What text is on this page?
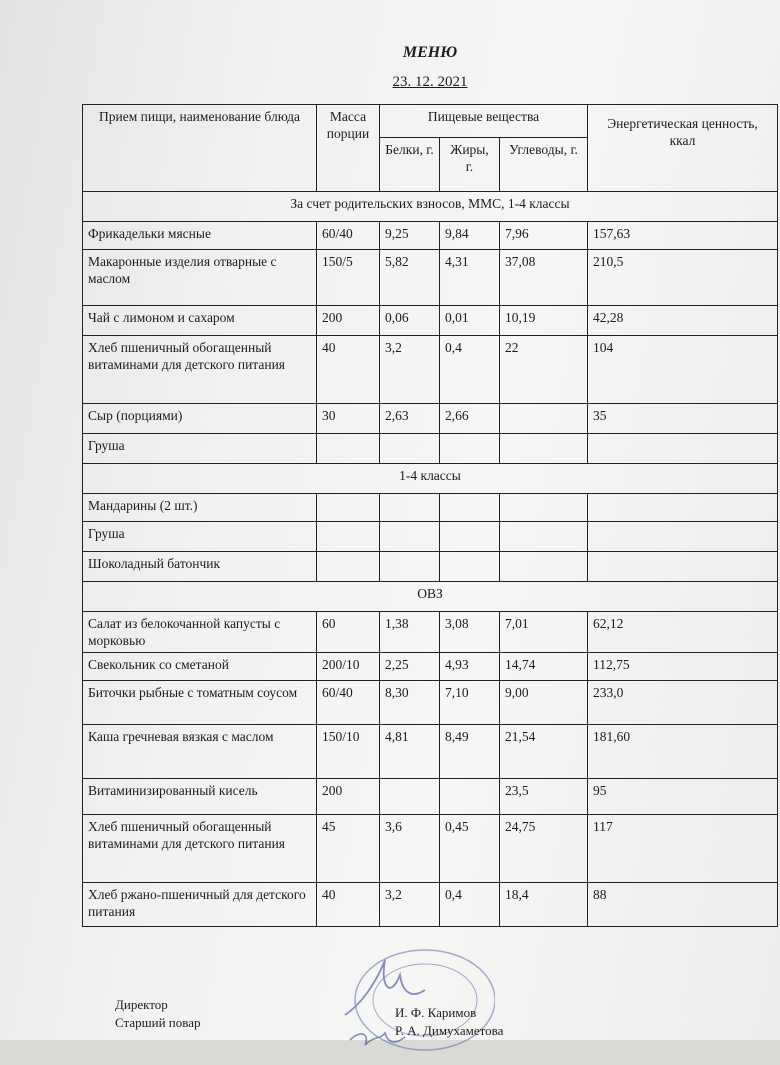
МЕНЮ
23. 12. 2021
Прием пищи, наименование блюда	Масса порции	Пищевые вещества			Энергетическая ценность, ккал
		Белки, г.	Жиры, г.	Углеводы, г.	
За счет родительских взносов, ММС, 1-4 классы					
Фрикадельки мясные	60/40	9,25	9,84	7,96	157,63
Макаронные изделия отварные с маслом	150/5	5,82	4,31	37,08	210,5
Чай с лимоном и сахаром	200	0,06	0,01	10,19	42,28
Хлеб пшеничный обогащенный витаминами для детского питания	40	3,2	0,4	22	104
Сыр (порциями)	30	2,63	2,66		35
Груша					
1-4 классы					
Мандарины (2 шт.)					
Груша					
Шоколадный батончик					
ОВЗ					
Салат из белокочанной капусты с морковью	60	1,38	3,08	7,01	62,12
Свекольник со сметаной	200/10	2,25	4,93	14,74	112,75
Биточки рыбные с томатным соусом	60/40	8,30	7,10	9,00	233,0
Каша гречневая вязкая с маслом	150/10	4,81	8,49	21,54	181,60
Витаминизированный кисель	200			23,5	95
Хлеб пшеничный обогащенный витаминами для детского питания	45	3,6	0,45	24,75	117
Хлеб ржано-пшеничный для детского питания	40	3,2	0,4	18,4	88
Директор
Старший повар
И. Ф. Каримов
Р. А. Димухаметова
